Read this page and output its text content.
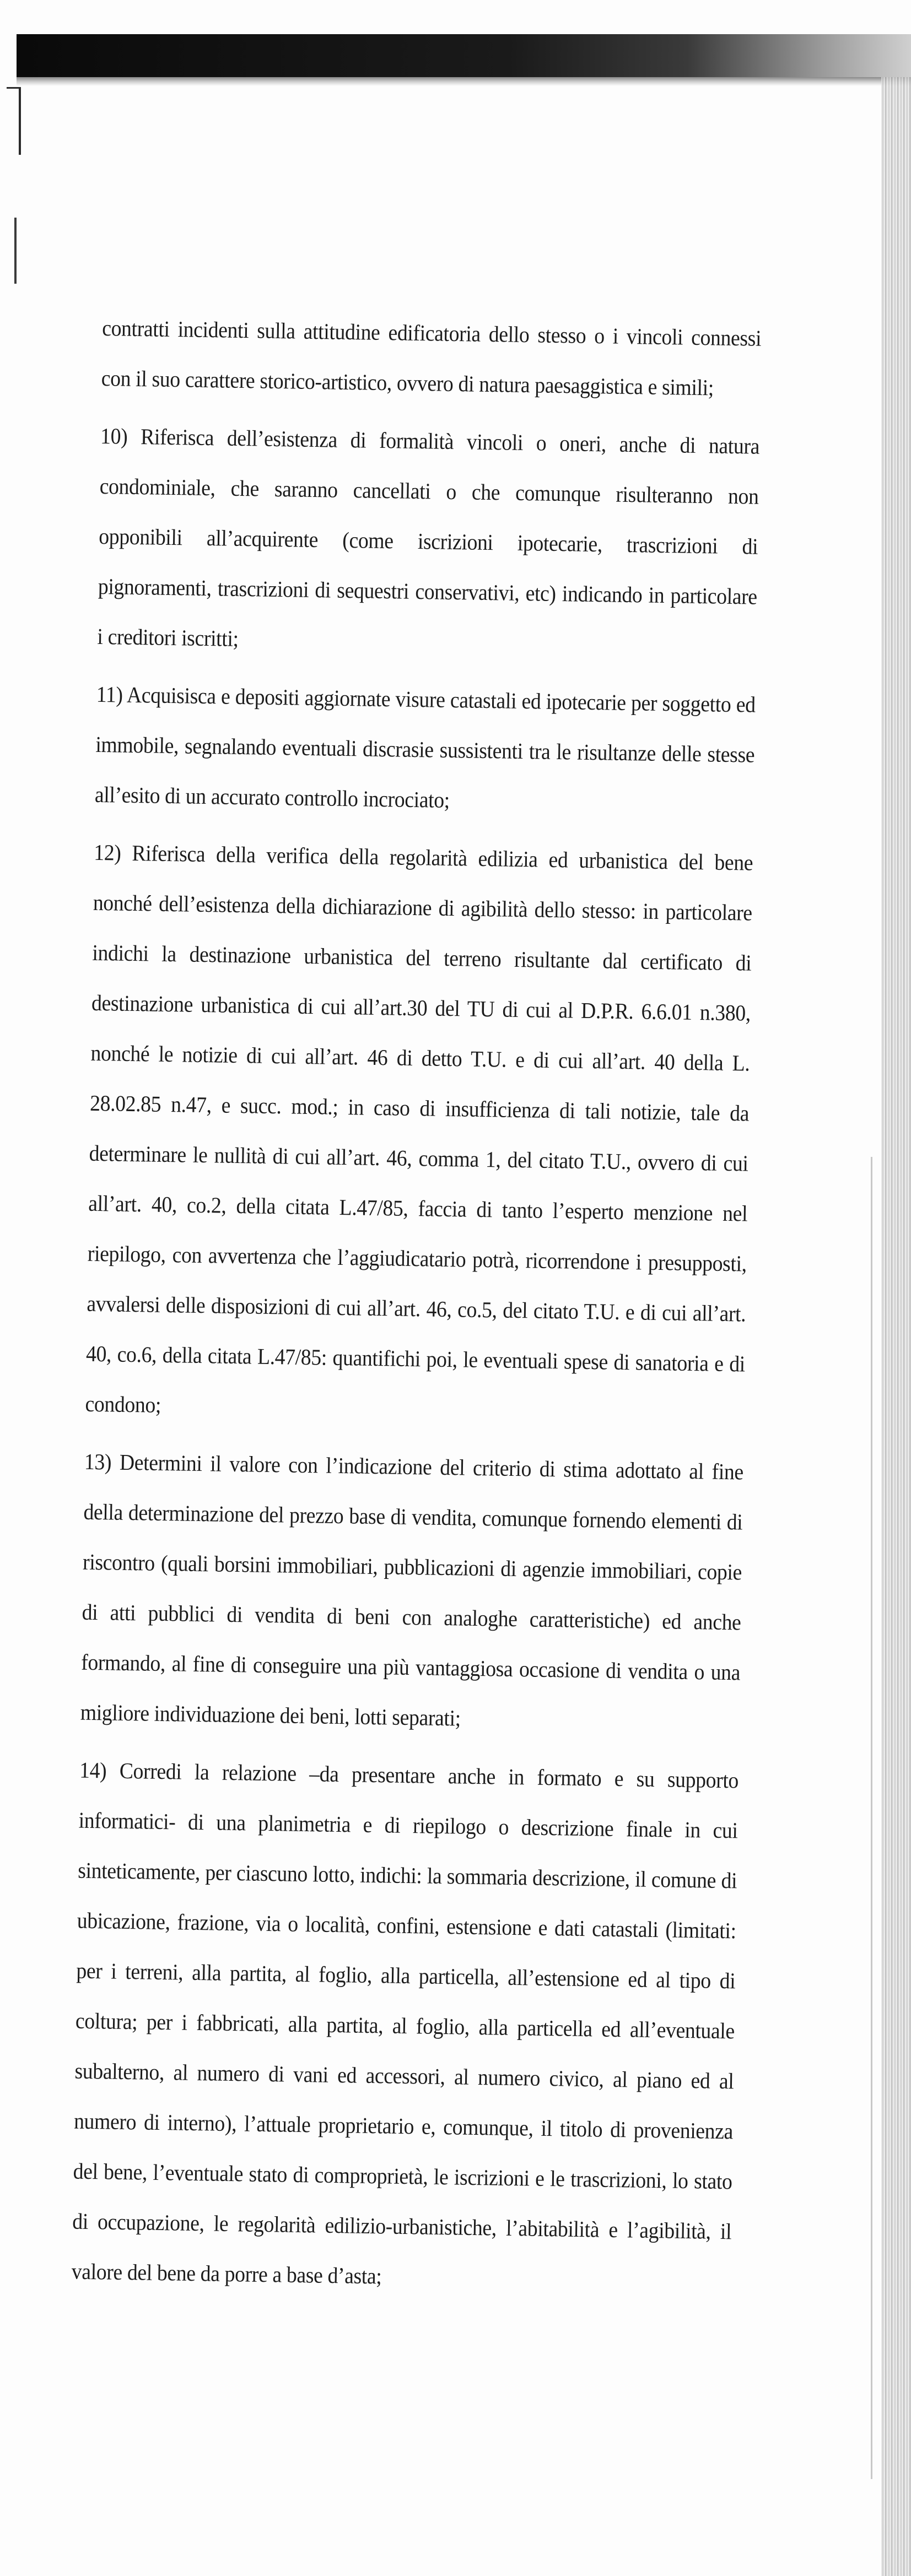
contratti incidenti sulla attitudine edificatoria dello stesso o i vincoli connessi con il suo carattere storico-artistico, ovvero di natura paesaggistica e simili;

10) Riferisca dell’esistenza di formalità vincoli o oneri, anche di natura condominiale, che saranno cancellati o che comunque risulteranno non opponibili all’acquirente (come iscrizioni ipotecarie, trascrizioni di pignoramenti, trascrizioni di sequestri conservativi, etc) indicando in particolare i creditori iscritti;

11) Acquisisca e depositi aggiornate visure catastali ed ipotecarie per soggetto ed immobile, segnalando eventuali discrasie sussistenti tra le risultanze delle stesse all’esito di un accurato controllo incrociato;

12) Riferisca della verifica della regolarità edilizia ed urbanistica del bene nonché dell’esistenza della dichiarazione di agibilità dello stesso: in particolare indichi la destinazione urbanistica del terreno risultante dal certificato di destinazione urbanistica di cui all’art.30 del TU di cui al D.P.R. 6.6.01 n.380, nonché le notizie di cui all’art. 46 di detto T.U. e di cui all’art. 40 della L. 28.02.85 n.47, e succ. mod.; in caso di insufficienza di tali notizie, tale da determinare le nullità di cui all’art. 46, comma 1, del citato T.U., ovvero di cui all’art. 40, co.2, della citata L.47/85, faccia di tanto l’esperto menzione nel riepilogo, con avvertenza che l’aggiudicatario potrà, ricorrendone i presupposti, avvalersi delle disposizioni di cui all’art. 46, co.5, del citato T.U. e di cui all’art. 40, co.6, della citata L.47/85: quantifichi poi, le eventuali spese di sanatoria e di condono;

13) Determini il valore con l’indicazione del criterio di stima adottato al fine della determinazione del prezzo base di vendita, comunque fornendo elementi di riscontro (quali borsini immobiliari, pubblicazioni di agenzie immobiliari, copie di atti pubblici di vendita di beni con analoghe caratteristiche) ed anche formando, al fine di conseguire una più vantaggiosa occasione di vendita o una migliore individuazione dei beni, lotti separati;

14) Corredi la relazione –da presentare anche in formato e su supporto informatici- di una planimetria e di riepilogo o descrizione finale in cui sinteticamente, per ciascuno lotto, indichi: la sommaria descrizione, il comune di ubicazione, frazione, via o località, confini, estensione e dati catastali (limitati: per i terreni, alla partita, al foglio, alla particella, all’estensione ed al tipo di coltura; per i fabbricati, alla partita, al foglio, alla particella ed all’eventuale subalterno, al numero di vani ed accessori, al numero civico, al piano ed al numero di interno), l’attuale proprietario e, comunque, il titolo di provenienza del bene, l’eventuale stato di comproprietà, le iscrizioni e le trascrizioni, lo stato di occupazione, le regolarità edilizio-urbanistiche, l’abitabilità e l’agibilità, il valore del bene da porre a base d’asta;
